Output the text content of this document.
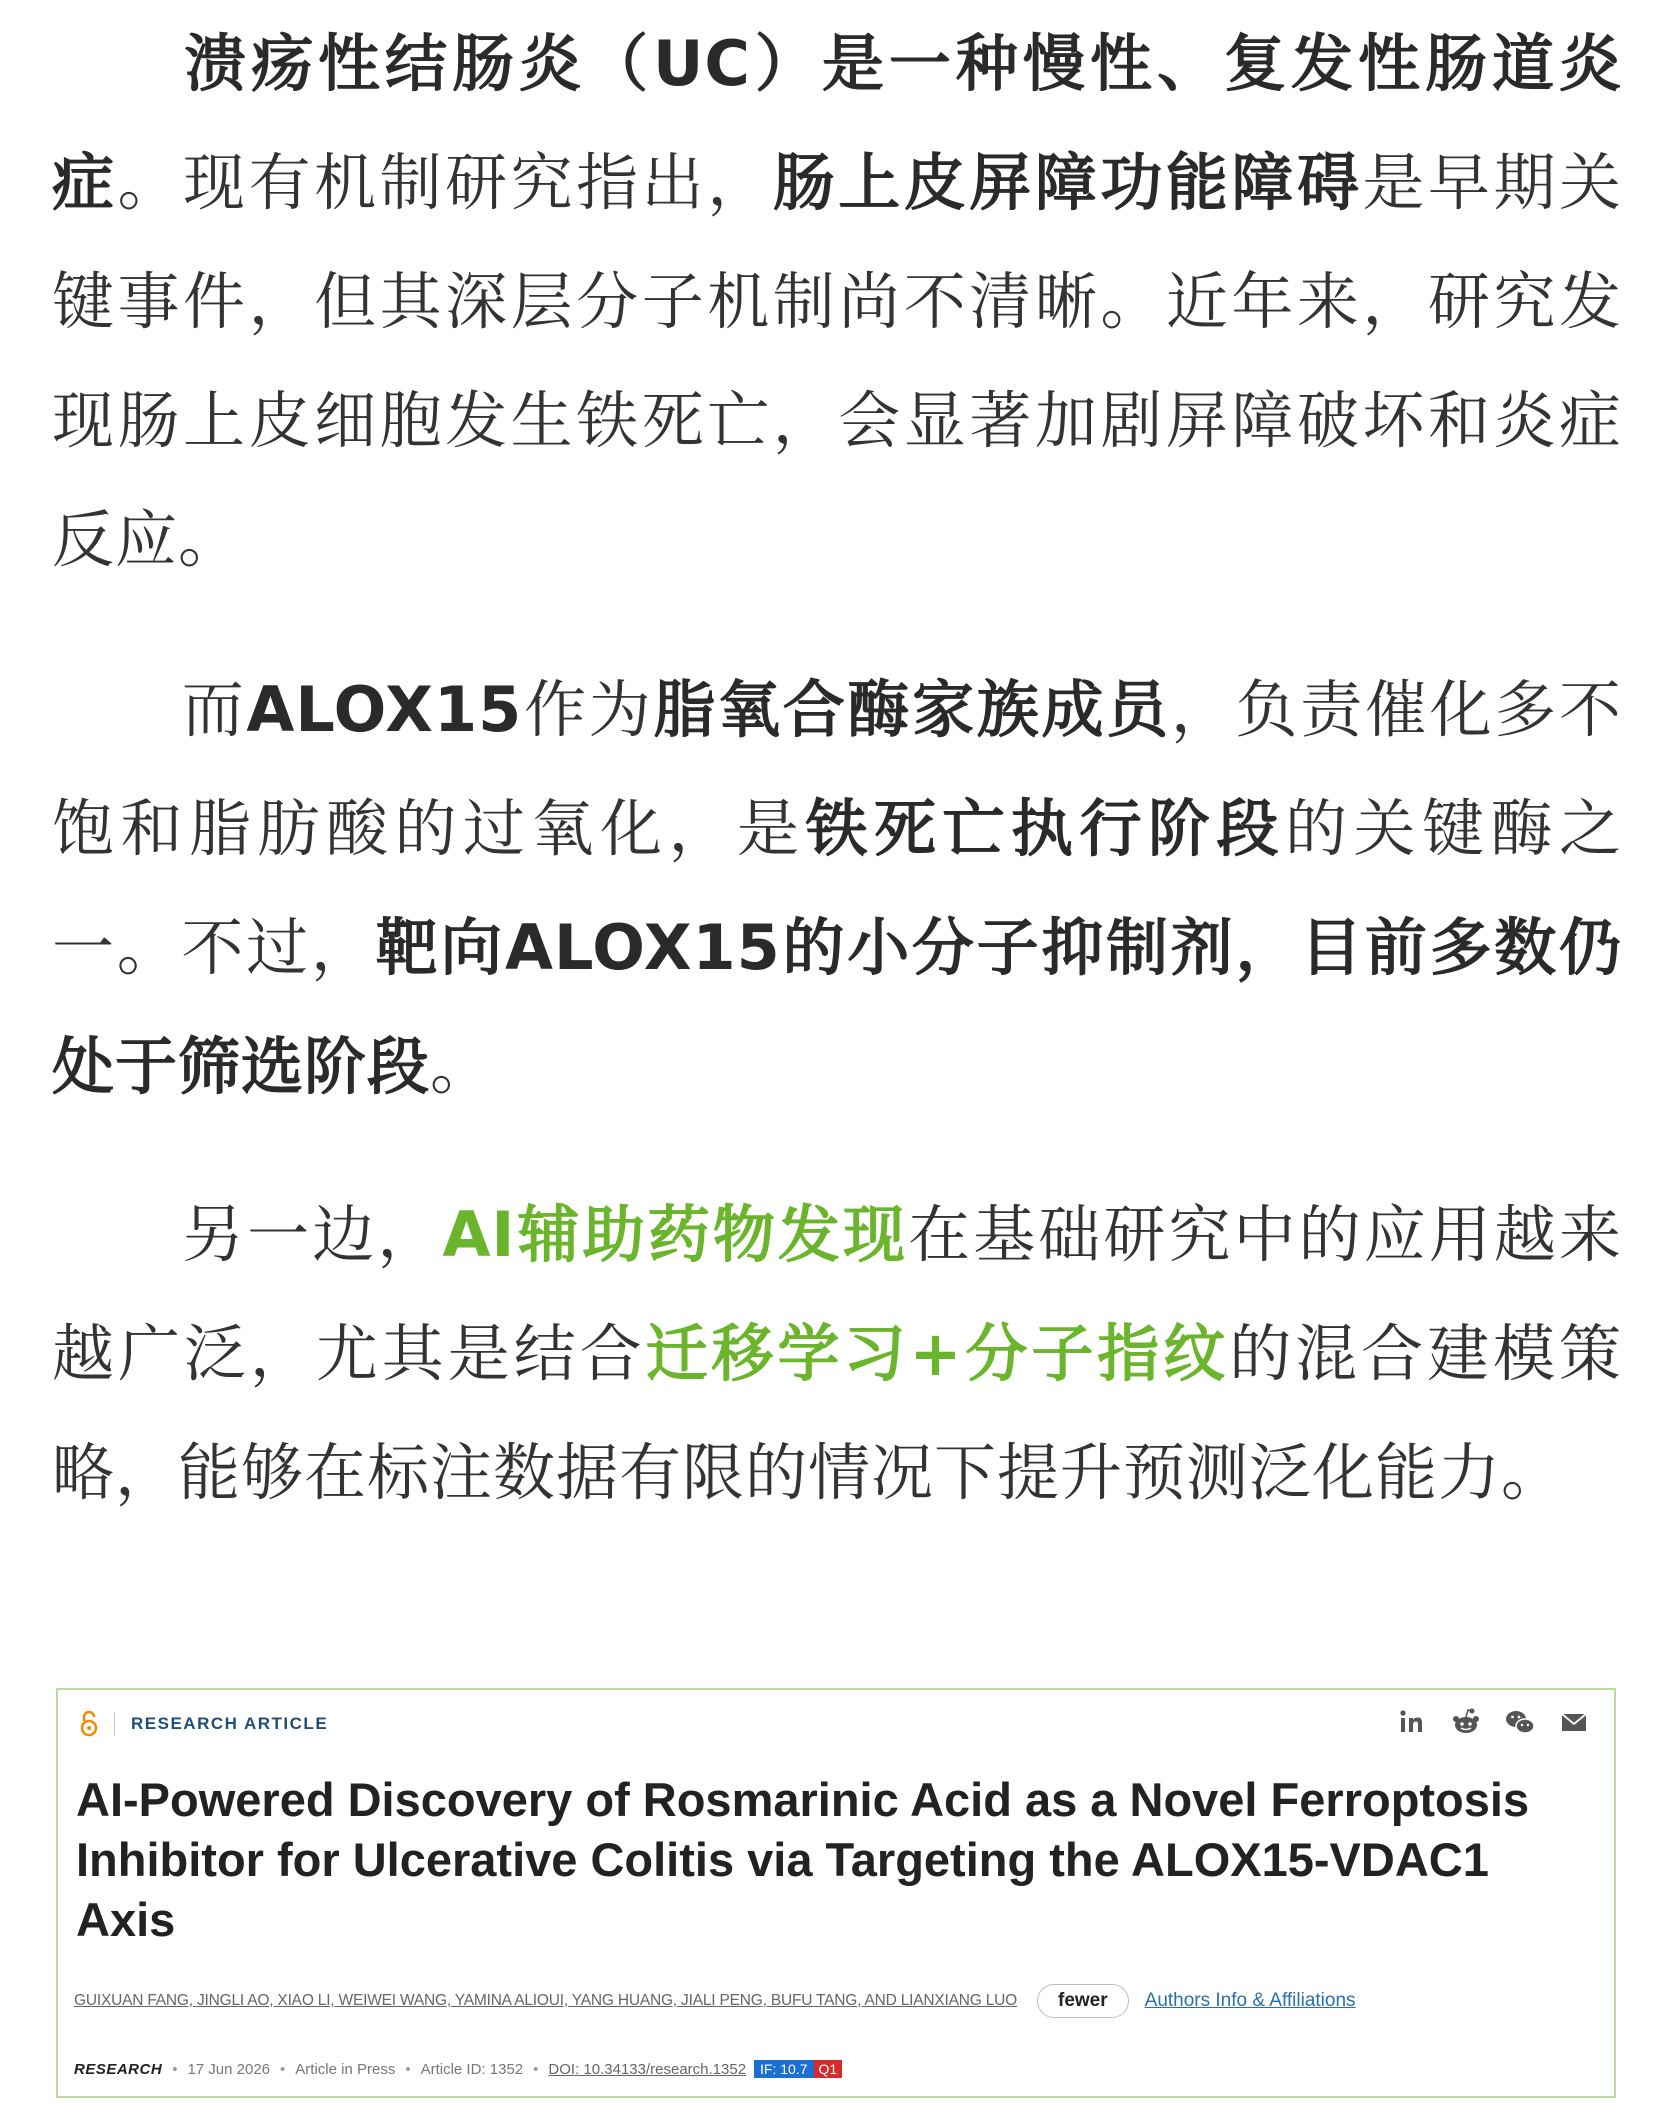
溃疡性结肠炎（UC）是一种慢性、复发性肠道炎症。现有机制研究指出，肠上皮屏障功能障碍是早期关键事件，但其深层分子机制尚不清晰。近年来，研究发现肠上皮细胞发生铁死亡，会显著加剧屏障破坏和炎症反应。

而ALOX15作为脂氧合酶家族成员，负责催化多不饱和脂肪酸的过氧化，是铁死亡执行阶段的关键酶之一。不过，靶向ALOX15的小分子抑制剂，目前多数仍处于筛选阶段。

另一边，AI辅助药物发现在基础研究中的应用越来越广泛，尤其是结合迁移学习+分子指纹的混合建模策略，能够在标注数据有限的情况下提升预测泛化能力。

RESEARCH ARTICLE
AI-Powered Discovery of Rosmarinic Acid as a Novel Ferroptosis Inhibitor for Ulcerative Colitis via Targeting the ALOX15-VDAC1 Axis
GUIXUAN FANG, JINGLI AO, XIAO LI, WEIWEI WANG, YAMINA ALIOUI, YANG HUANG, JIALI PENG, BUFU TANG, AND LIANXIANG LUO	fewer	Authors Info & Affiliations
RESEARCH • 17 Jun 2026 • Article in Press • Article ID: 1352 • DOI: 10.34133/research.1352	IF: 10.7 Q1
